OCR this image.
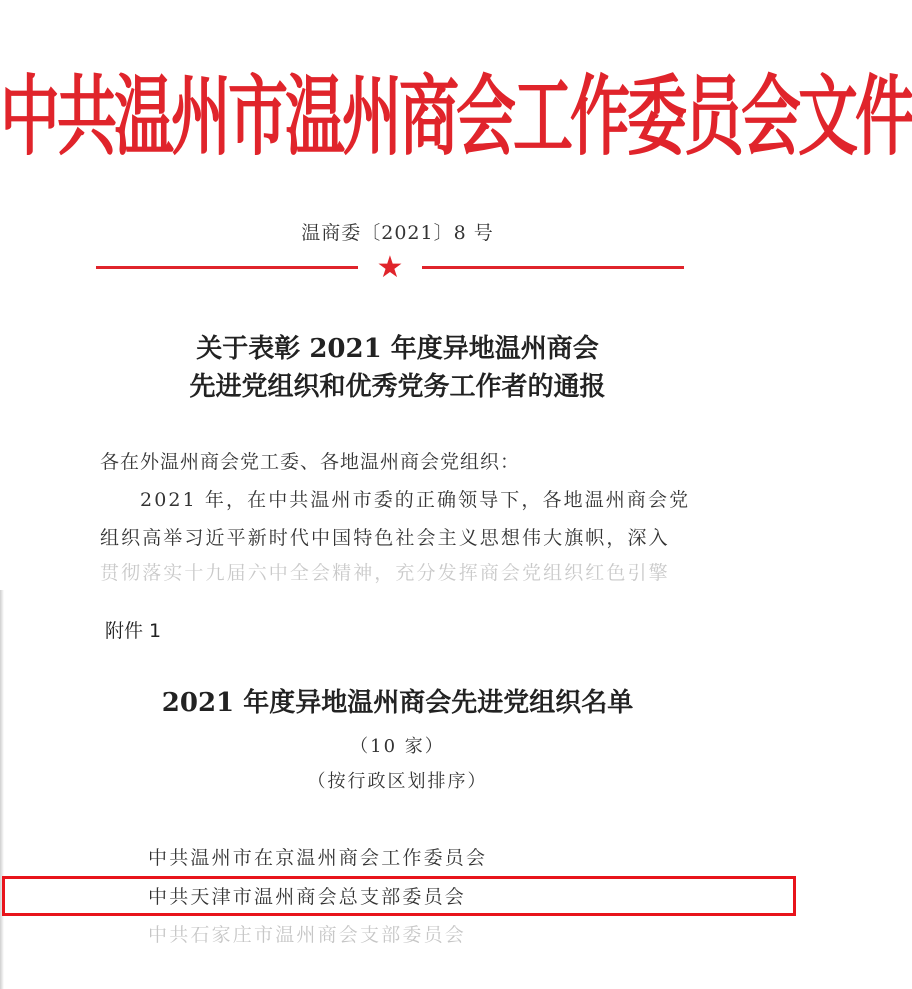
中共温州市温州商会工作委员会文件
温商委〔2021〕8 号
★
关于表彰 2021 年度异地温州商会
先进党组织和优秀党务工作者的通报
各在外温州商会党工委、各地温州商会党组织：
2021 年，在中共温州市委的正确领导下，各地温州商会党
组织高举习近平新时代中国特色社会主义思想伟大旗帜，深入
贯彻落实十九届六中全会精神，充分发挥商会党组织红色引擎
附件 1
2021 年度异地温州商会先进党组织名单
（10 家）
（按行政区划排序）
中共温州市在京温州商会工作委员会
中共天津市温州商会总支部委员会
中共石家庄市温州商会支部委员会
